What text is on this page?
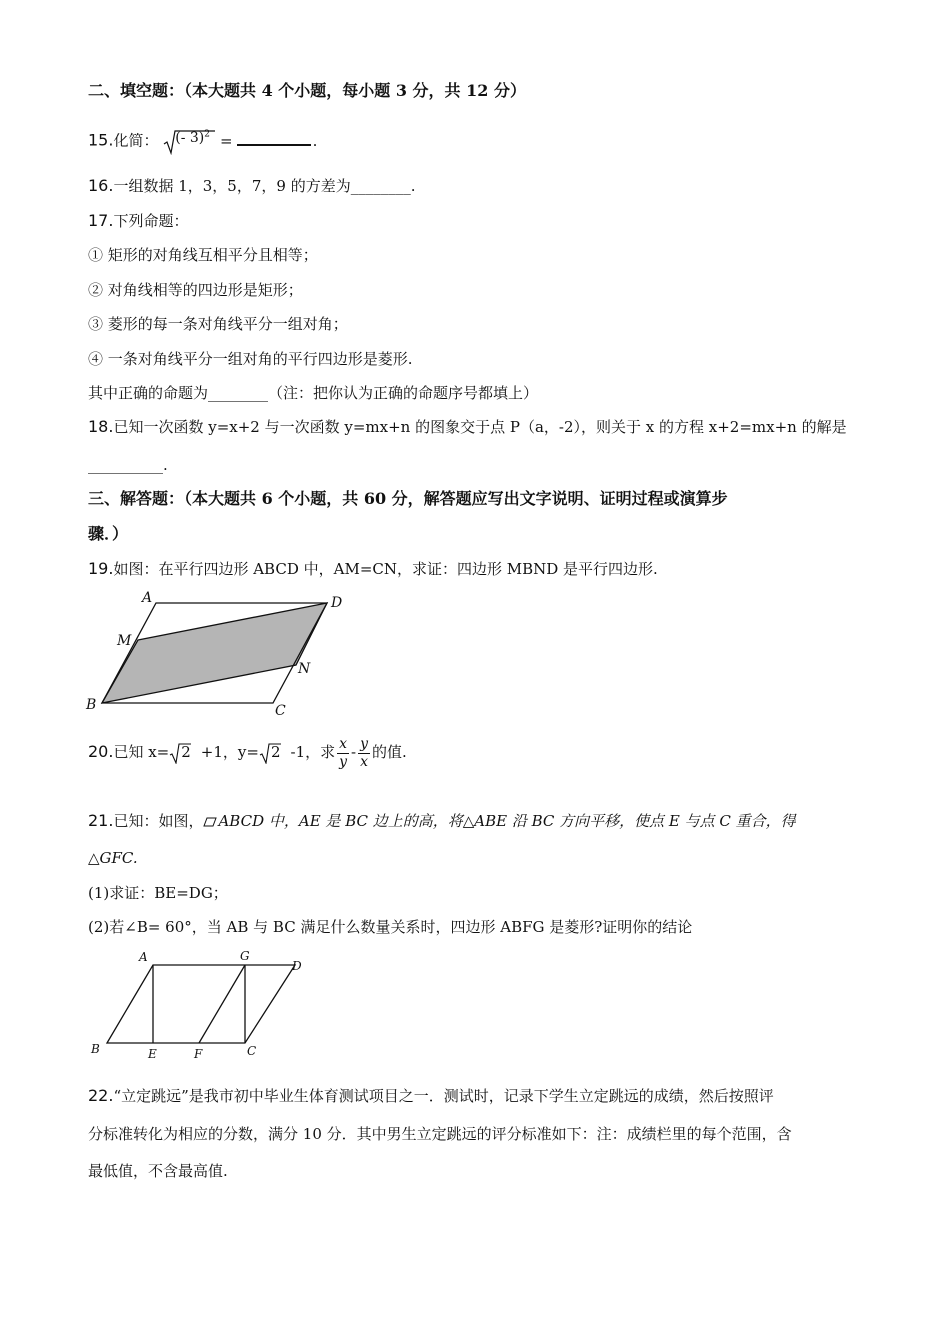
二、填空题：（本大题共 4 个小题，每小题 3 分，共 12 分）
15.化简： (- 3)$^2$ =	.
16.一组数据 1，3，5，7，9 的方差为________.
17.下列命题：
① 矩形的对角线互相平分且相等；
② 对角线相等的四边形是矩形；
③ 菱形的每一条对角线平分一组对角；
④ 一条对角线平分一组对角的平行四边形是菱形.
其中正确的命题为________（注：把你认为正确的命题序号都填上）
18.已知一次函数 y=x+2 与一次函数 y=mx+n 的图象交于点 P（a，-2），则关于 x 的方程 x+2=mx+n 的解是
__________.
三、解答题：（本大题共 6 个小题，共 60 分，解答题应写出文字说明、证明过程或演算步
骤．）
19.如图：在平行四边形 ABCD 中，AM=CN，求证：四边形 MBND 是平行四边形.
A	D
M
N
B	C
20.已知 x= 2 +1，y= 2 -1，求 $\frac{x}{y} - \frac{y}{x}$ 的值.
21.已知：如图， ABCD 中，AE 是 BC 边上的高，将△ABE 沿 BC 方向平移，使点 E 与点 C 重合，得
△GFC.
(1)求证：BE=DG；
(2)若∠B= 60°，当 AB 与 BC 满足什么数量关系时，四边形 ABFG 是菱形?证明你的结论
A	G
D
B	E	F	C
22.“立定跳远”是我市初中毕业生体育测试项目之一．测试时，记录下学生立定跳远的成绩，然后按照评
分标准转化为相应的分数，满分 10 分．其中男生立定跳远的评分标准如下：注：成绩栏里的每个范围，含
最低值，不含最高值.
